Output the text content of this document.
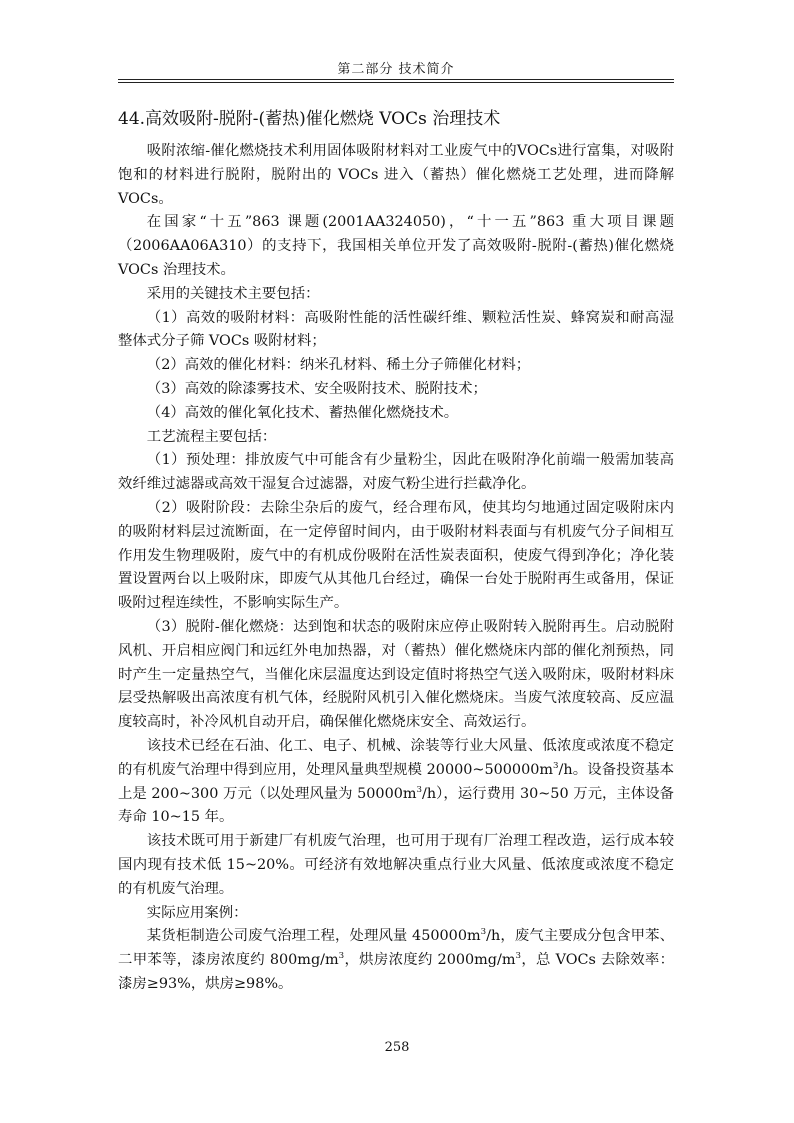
第二部分 技术简介
44.高效吸附-脱附-(蓄热)催化燃烧 VOCs 治理技术

吸附浓缩-催化燃烧技术利用固体吸附材料对工业废气中的VOCs进行富集，对吸附饱和的材料进行脱附，脱附出的 VOCs 进入（蓄热）催化燃烧工艺处理，进而降解 VOCs。

在国家“十五”863 课题(2001AA324050)，“十一五”863 重大项目课题（2006AA06A310）的支持下，我国相关单位开发了高效吸附-脱附-(蓄热)催化燃烧 VOCs 治理技术。

采用的关键技术主要包括：

（1）高效的吸附材料：高吸附性能的活性碳纤维、颗粒活性炭、蜂窝炭和耐高湿整体式分子筛 VOCs 吸附材料；

（2）高效的催化材料：纳米孔材料、稀土分子筛催化材料；

（3）高效的除漆雾技术、安全吸附技术、脱附技术；

（4）高效的催化氧化技术、蓄热催化燃烧技术。

工艺流程主要包括：

（1）预处理：排放废气中可能含有少量粉尘，因此在吸附净化前端一般需加装高效纤维过滤器或高效干湿复合过滤器，对废气粉尘进行拦截净化。

（2）吸附阶段：去除尘杂后的废气，经合理布风，使其均匀地通过固定吸附床内的吸附材料层过流断面，在一定停留时间内，由于吸附材料表面与有机废气分子间相互作用发生物理吸附，废气中的有机成份吸附在活性炭表面积，使废气得到净化；净化装置设置两台以上吸附床，即废气从其他几台经过，确保一台处于脱附再生或备用，保证吸附过程连续性，不影响实际生产。

（3）脱附-催化燃烧：达到饱和状态的吸附床应停止吸附转入脱附再生。启动脱附风机、开启相应阀门和远红外电加热器，对（蓄热）催化燃烧床内部的催化剂预热，同时产生一定量热空气，当催化床层温度达到设定值时将热空气送入吸附床，吸附材料床层受热解吸出高浓度有机气体，经脱附风机引入催化燃烧床。当废气浓度较高、反应温度较高时，补冷风机自动开启，确保催化燃烧床安全、高效运行。

该技术已经在石油、化工、电子、机械、涂装等行业大风量、低浓度或浓度不稳定的有机废气治理中得到应用，处理风量典型规模 $20000\sim 500000m^3/h$。设备投资基本上是 200~300 万元（以处理风量为 $50000m^3/h$），运行费用 30~50 万元，主体设备寿命 10~15 年。

该技术既可用于新建厂有机废气治理，也可用于现有厂治理工程改造，运行成本较国内现有技术低 15~20%。可经济有效地解决重点行业大风量、低浓度或浓度不稳定的有机废气治理。

实际应用案例：

某货柜制造公司废气治理工程，处理风量 $450000m^3/h$，废气主要成分包含甲苯、二甲苯等，漆房浓度约 $800mg/m^3$，烘房浓度约 $2000mg/m^3$，总 VOCs 去除效率：漆房≥93%，烘房≥98%。

258
